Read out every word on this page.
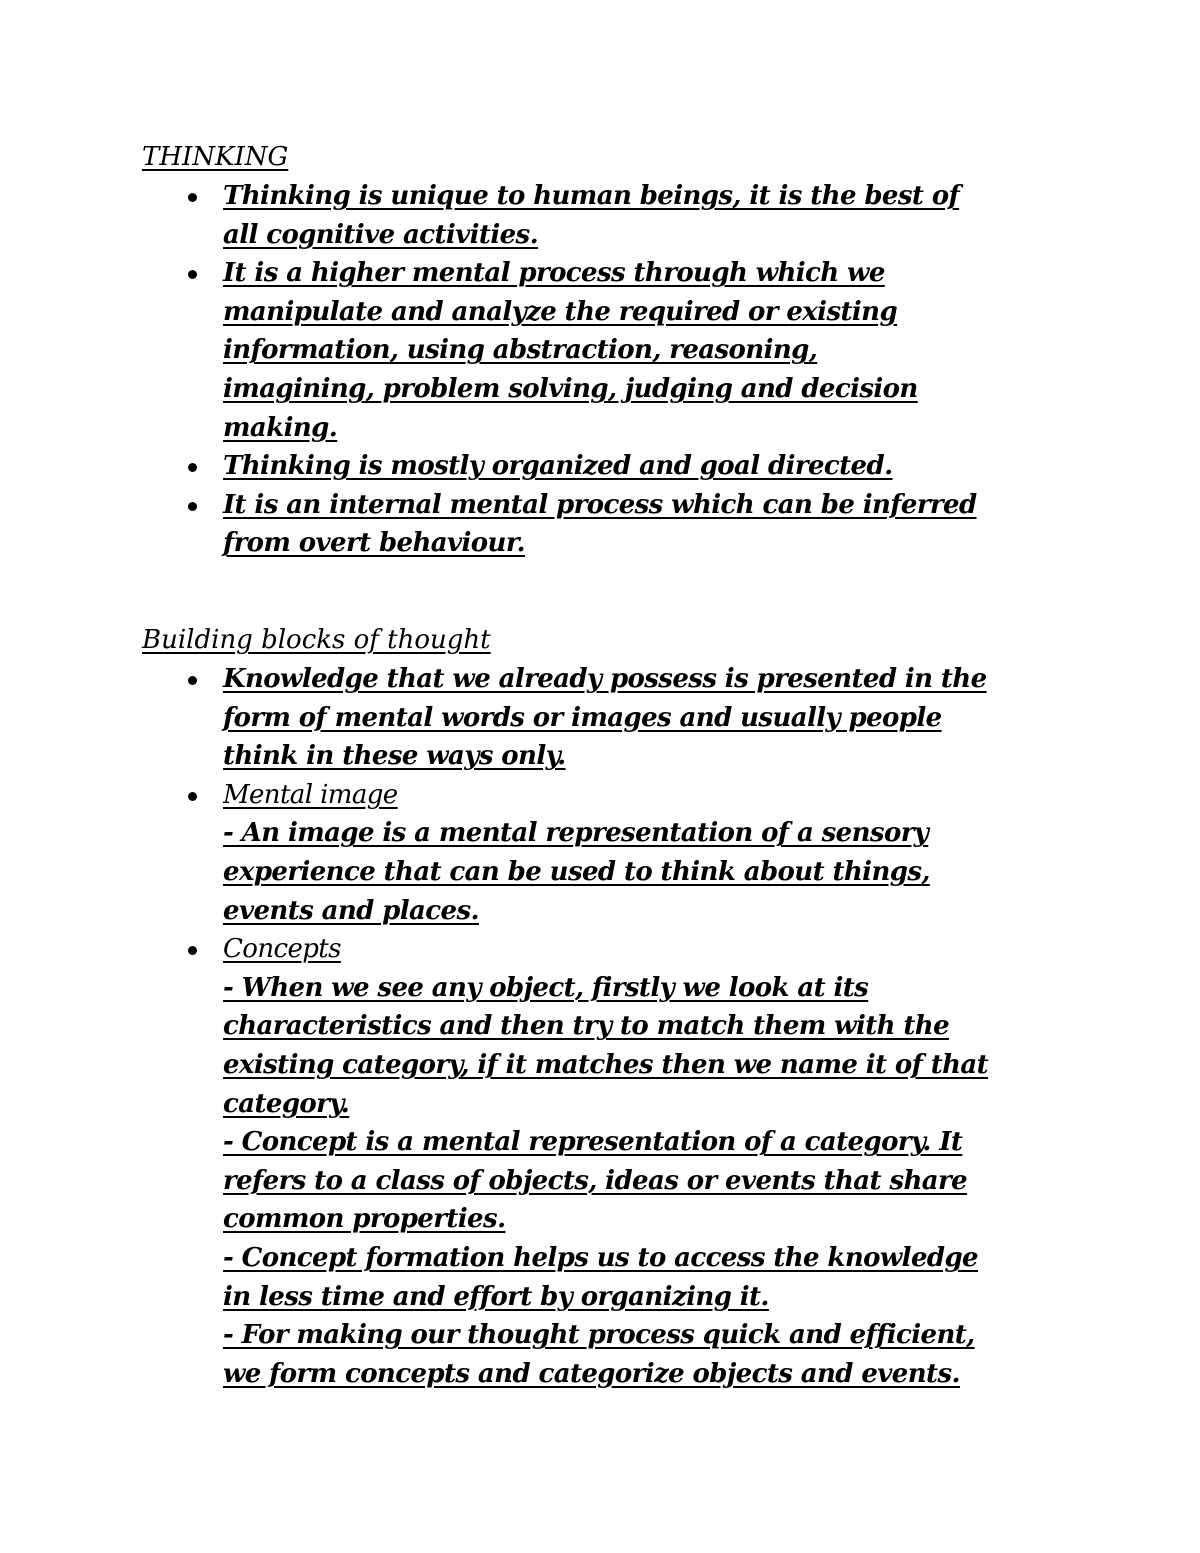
THINKING
Thinking is unique to human beings, it is the best of
all cognitive activities.
It is a higher mental process through which we
manipulate and analyze the required or existing
information, using abstraction, reasoning,
imagining, problem solving, judging and decision
making.
Thinking is mostly organized and goal directed.
It is an internal mental process which can be inferred
from overt behaviour.
Building blocks of thought
Knowledge that we already possess is presented in the
form of mental words or images and usually people
think in these ways only.
Mental image
- An image is a mental representation of a sensory
experience that can be used to think about things,
events and places.
Concepts
- When we see any object, firstly we look at its
characteristics and then try to match them with the
existing category, if it matches then we name it of that
category.
- Concept is a mental representation of a category. It
refers to a class of objects, ideas or events that share
common properties.
- Concept formation helps us to access the knowledge
in less time and effort by organizing it.
- For making our thought process quick and efficient,
we form concepts and categorize objects and events.
